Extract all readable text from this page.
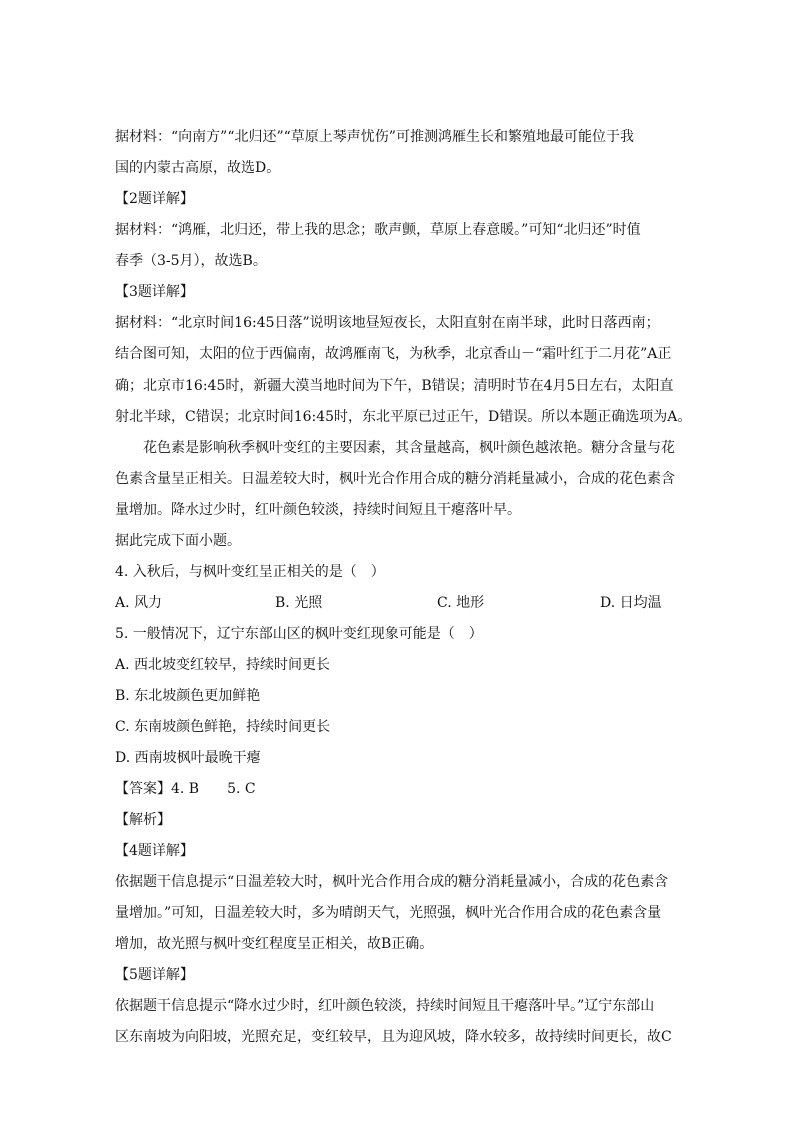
据材料：“向南方”“北归还”“草原上琴声忧伤”可推测鸿雁生长和繁殖地最可能位于我
国的内蒙古高原，故选D。
【2题详解】
据材料：“鸿雁，北归还，带上我的思念；歌声颤，草原上春意暖。”可知“北归还”时值
春季（3-5月），故选B。
【3题详解】
据材料：“北京时间16:45日落”说明该地昼短夜长，太阳直射在南半球，此时日落西南；
结合图可知，太阳的位于西偏南，故鸿雁南飞，为秋季，北京香山－“霜叶红于二月花”A正
确；北京市16:45时，新疆大漠当地时间为下午，B错误；清明时节在4月5日左右，太阳直
射北半球，C错误；北京时间16:45时，东北平原已过正午，D错误。所以本题正确选项为A。
花色素是影响秋季枫叶变红的主要因素，其含量越高，枫叶颜色越浓艳。糖分含量与花
色素含量呈正相关。日温差较大时，枫叶光合作用合成的糖分消耗量减小，合成的花色素含
量增加。降水过少时，红叶颜色较淡，持续时间短且干瘪落叶早。
据此完成下面小题。
4. 入秋后，与枫叶变红呈正相关的是（　）
A. 风力	B. 光照	C. 地形	D. 日均温
5. 一般情况下，辽宁东部山区的枫叶变红现象可能是（　）
A. 西北坡变红较早，持续时间更长
B. 东北坡颜色更加鲜艳
C. 东南坡颜色鲜艳，持续时间更长
D. 西南坡枫叶最晚干瘪
【答案】4. B　　5. C
【解析】
【4题详解】
依据题干信息提示“日温差较大时，枫叶光合作用合成的糖分消耗量减小，合成的花色素含
量增加。”可知，日温差较大时，多为晴朗天气，光照强，枫叶光合作用合成的花色素含量
增加，故光照与枫叶变红程度呈正相关，故B正确。
【5题详解】
依据题干信息提示“降水过少时，红叶颜色较淡，持续时间短且干瘪落叶早。”辽宁东部山
区东南坡为向阳坡，光照充足，变红较早，且为迎风坡，降水较多，故持续时间更长，故C
